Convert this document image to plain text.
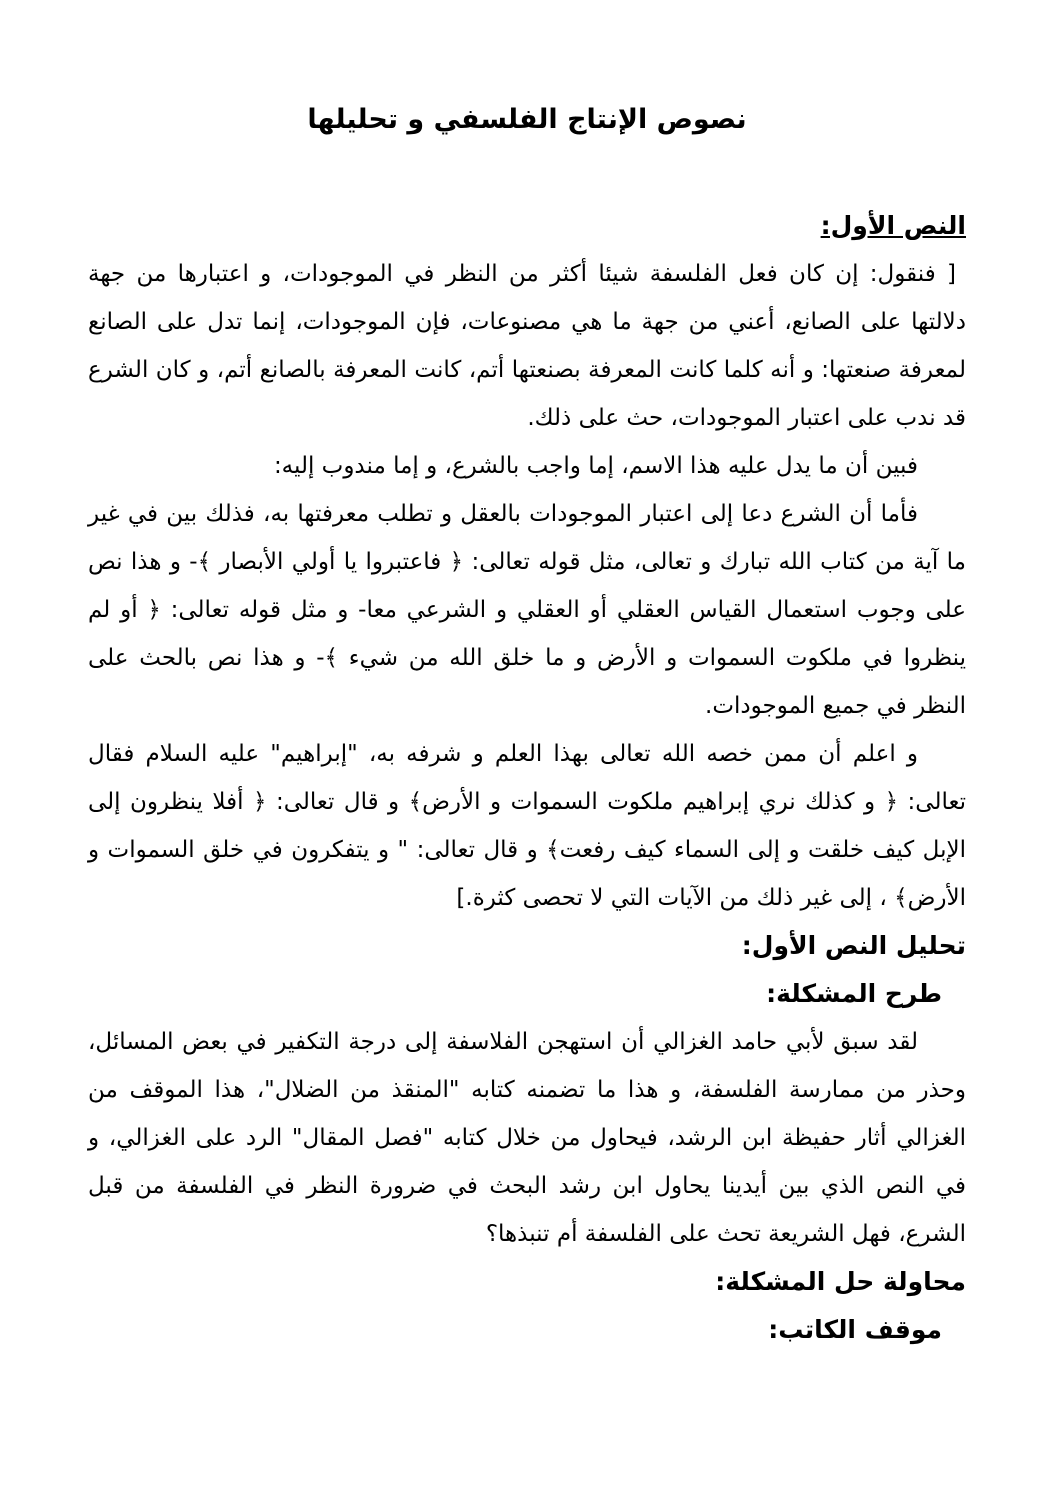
نصوص الإنتاج الفلسفي و تحليلها
النص الأول:

[ فنقول: إن كان فعل الفلسفة شيئا أكثر من النظر في الموجودات، و اعتبارها من جهة دلالتها على الصانع، أعني من جهة ما هي مصنوعات، فإن الموجودات، إنما تدل على الصانع لمعرفة صنعتها: و أنه كلما كانت المعرفة بصنعتها أتم، كانت المعرفة بالصانع أتم، و كان الشرع قد ندب على اعتبار الموجودات، حث على ذلك.

فبين أن ما يدل عليه هذا الاسم، إما واجب بالشرع، و إما مندوب إليه:

فأما أن الشرع دعا إلى اعتبار الموجودات بالعقل و تطلب معرفتها به، فذلك بين في غير ما آية من كتاب الله تبارك و تعالى، مثل قوله تعالى: ﴿ فاعتبروا يا أولي الأبصار ﴾- و هذا نص على وجوب استعمال القياس العقلي أو العقلي و الشرعي معا- و مثل قوله تعالى: ﴿ أو لم ينظروا في ملكوت السموات و الأرض و ما خلق الله من شيء ﴾- و هذا نص بالحث على النظر في جميع الموجودات.

و اعلم أن ممن خصه الله تعالى بهذا العلم و شرفه به، "إبراهيم" عليه السلام فقال تعالى: ﴿ و كذلك نري إبراهيم ملكوت السموات و الأرض﴾ و قال تعالى: ﴿ أفلا ينظرون إلى الإبل كيف خلقت و إلى السماء كيف رفعت﴾ و قال تعالى: " و يتفكرون في خلق السموات و الأرض﴾ ، إلى غير ذلك من الآيات التي لا تحصى كثرة.]

تحليل النص الأول:
طرح المشكلة:

لقد سبق لأبي حامد الغزالي أن استهجن الفلاسفة إلى درجة التكفير في بعض المسائل، وحذر من ممارسة الفلسفة، و هذا ما تضمنه كتابه "المنقذ من الضلال"، هذا الموقف من الغزالي أثار حفيظة ابن الرشد، فيحاول من خلال كتابه "فصل المقال" الرد على الغزالي، و في النص الذي بين أيدينا يحاول ابن رشد البحث في ضرورة النظر في الفلسفة من قبل الشرع، فهل الشريعة تحث على الفلسفة أم تنبذها؟

محاولة حل المشكلة:
موقف الكاتب:
